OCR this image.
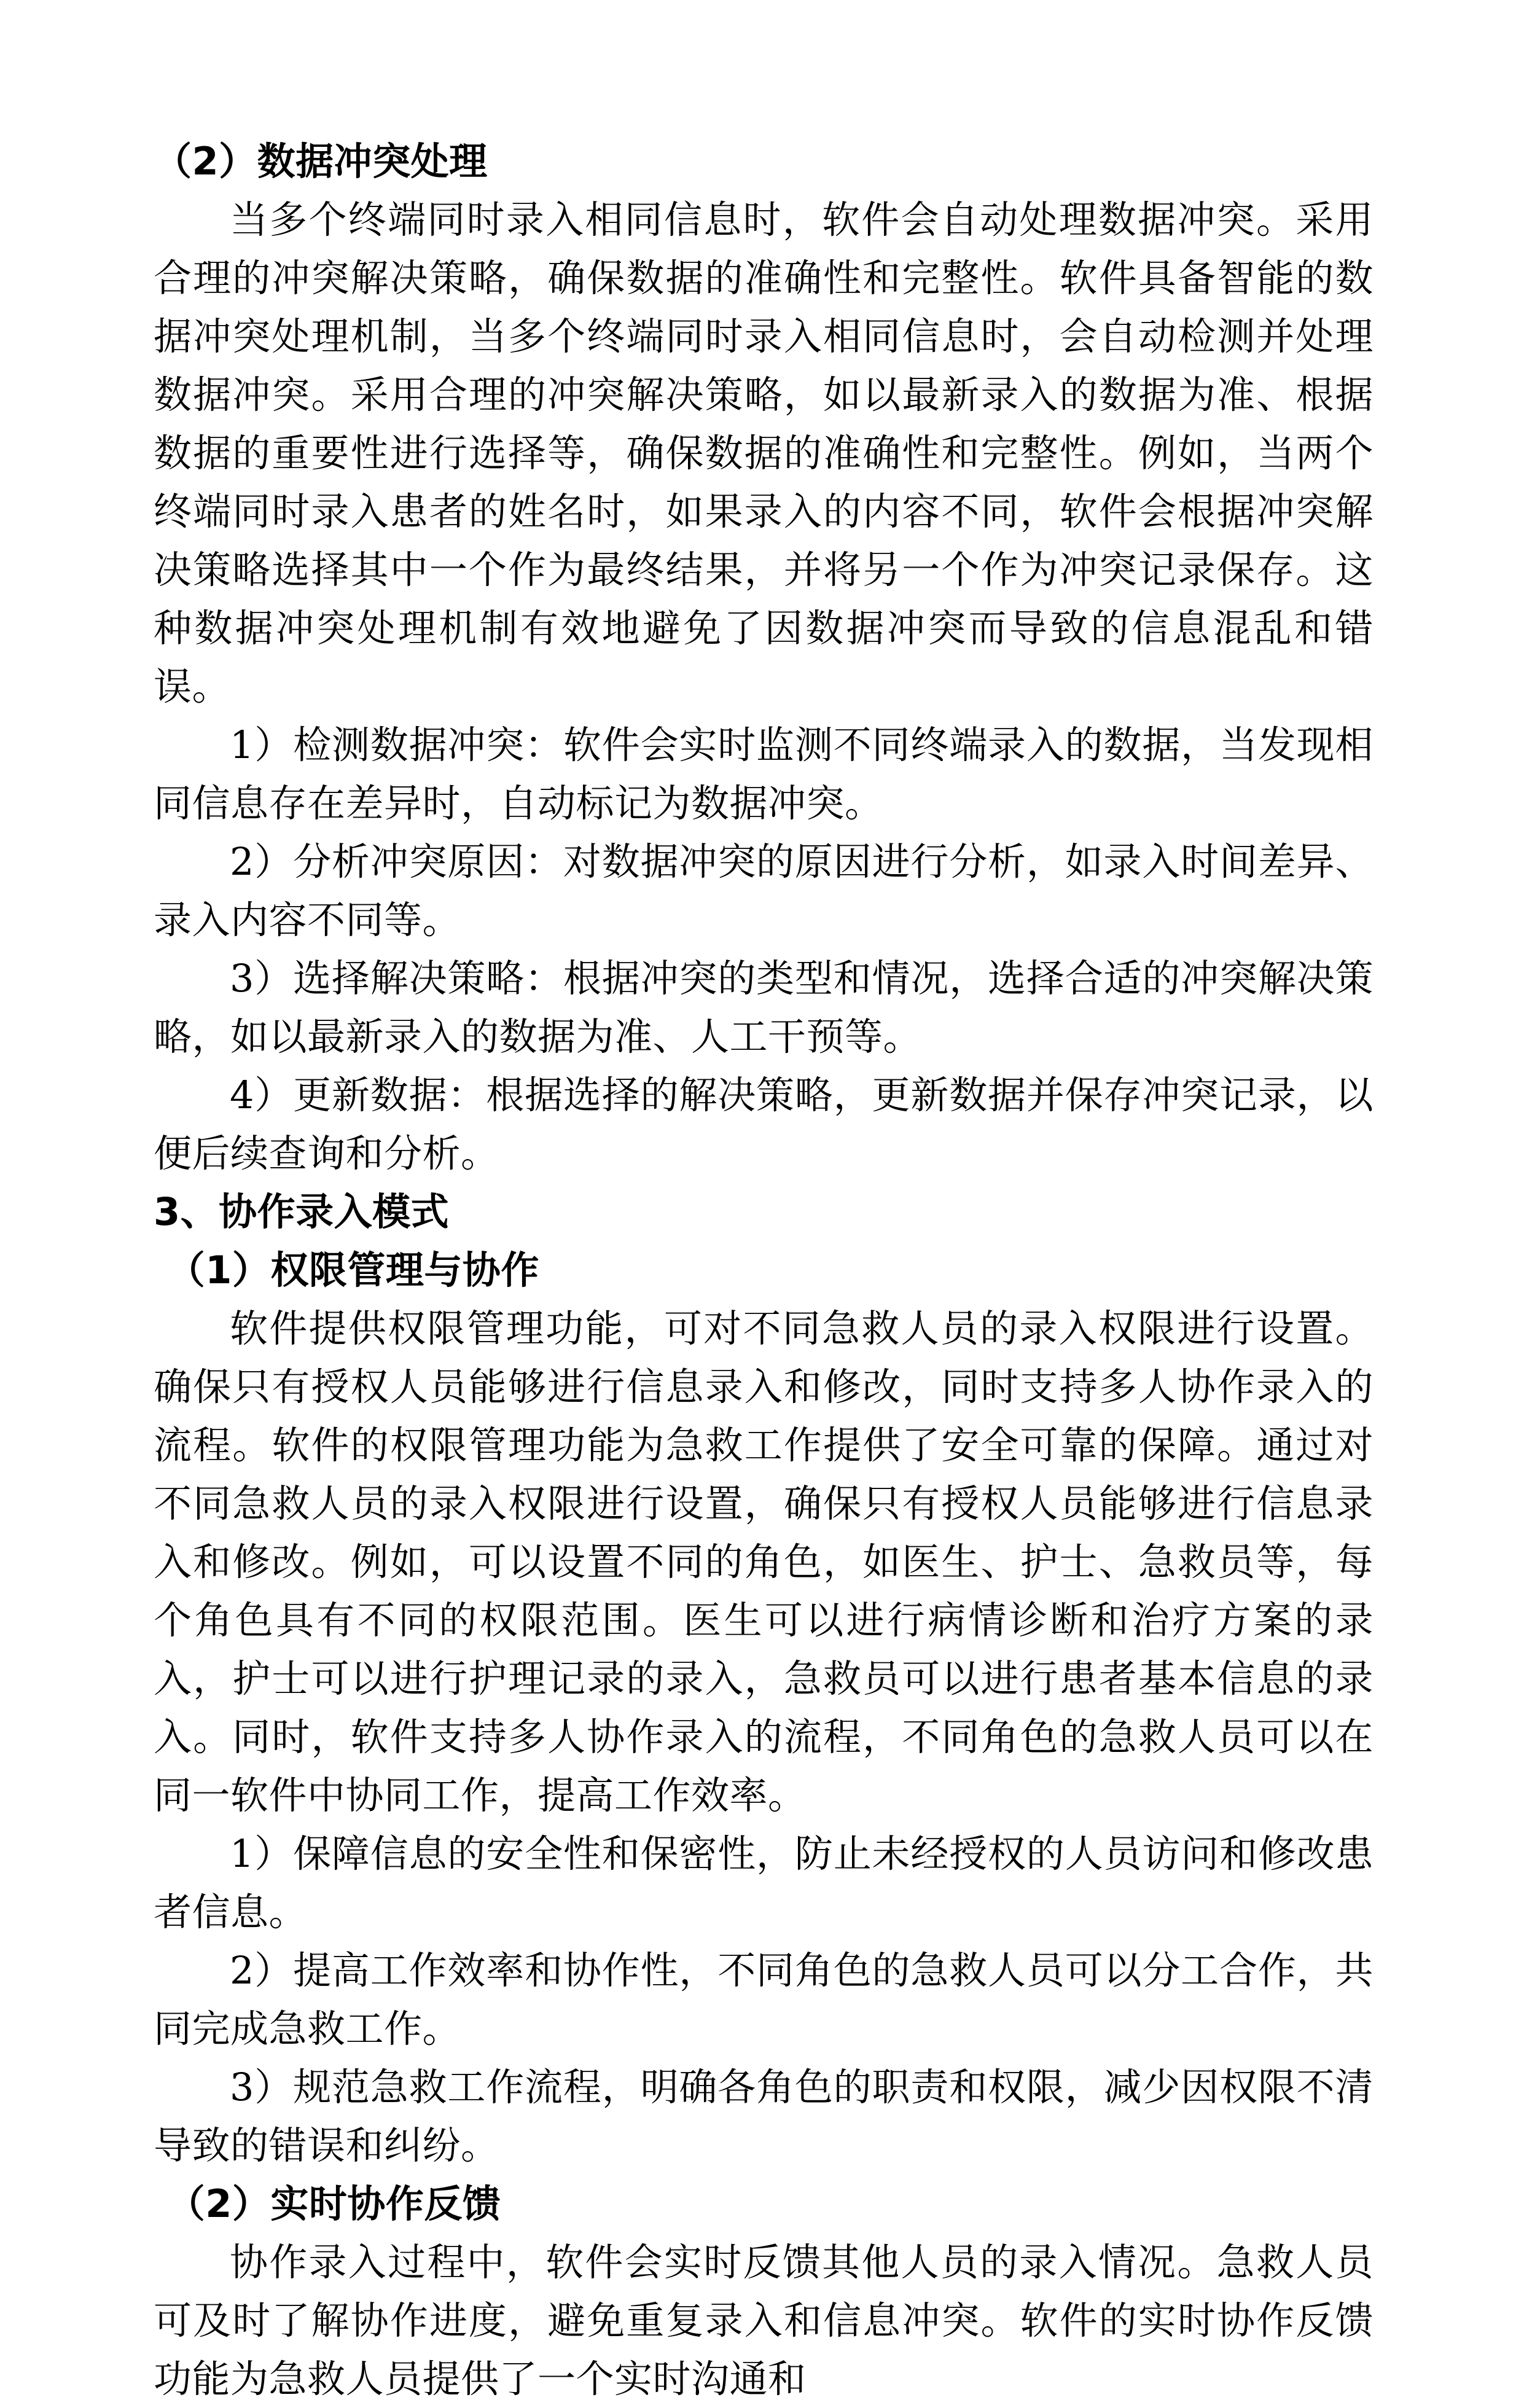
（2）数据冲突处理

当多个终端同时录入相同信息时，软件会自动处理数据冲突。采用合理的冲突解决策略，确保数据的准确性和完整性。软件具备智能的数据冲突处理机制，当多个终端同时录入相同信息时，会自动检测并处理数据冲突。采用合理的冲突解决策略，如以最新录入的数据为准、根据数据的重要性进行选择等，确保数据的准确性和完整性。例如，当两个终端同时录入患者的姓名时，如果录入的内容不同，软件会根据冲突解决策略选择其中一个作为最终结果，并将另一个作为冲突记录保存。这种数据冲突处理机制有效地避免了因数据冲突而导致的信息混乱和错误。

1）检测数据冲突：软件会实时监测不同终端录入的数据，当发现相同信息存在差异时，自动标记为数据冲突。

2）分析冲突原因：对数据冲突的原因进行分析，如录入时间差异、录入内容不同等。

3）选择解决策略：根据冲突的类型和情况，选择合适的冲突解决策略，如以最新录入的数据为准、人工干预等。

4）更新数据：根据选择的解决策略，更新数据并保存冲突记录，以便后续查询和分析。

3、协作录入模式
（1）权限管理与协作

软件提供权限管理功能，可对不同急救人员的录入权限进行设置。确保只有授权人员能够进行信息录入和修改，同时支持多人协作录入的流程。软件的权限管理功能为急救工作提供了安全可靠的保障。通过对不同急救人员的录入权限进行设置，确保只有授权人员能够进行信息录入和修改。例如，可以设置不同的角色，如医生、护士、急救员等，每个角色具有不同的权限范围。医生可以进行病情诊断和治疗方案的录入，护士可以进行护理记录的录入，急救员可以进行患者基本信息的录入。同时，软件支持多人协作录入的流程，不同角色的急救人员可以在同一软件中协同工作，提高工作效率。

1）保障信息的安全性和保密性，防止未经授权的人员访问和修改患者信息。

2）提高工作效率和协作性，不同角色的急救人员可以分工合作，共同完成急救工作。

3）规范急救工作流程，明确各角色的职责和权限，减少因权限不清导致的错误和纠纷。

（2）实时协作反馈

协作录入过程中，软件会实时反馈其他人员的录入情况。急救人员可及时了解协作进度，避免重复录入和信息冲突。软件的实时协作反馈功能为急救人员提供了一个实时沟通和
